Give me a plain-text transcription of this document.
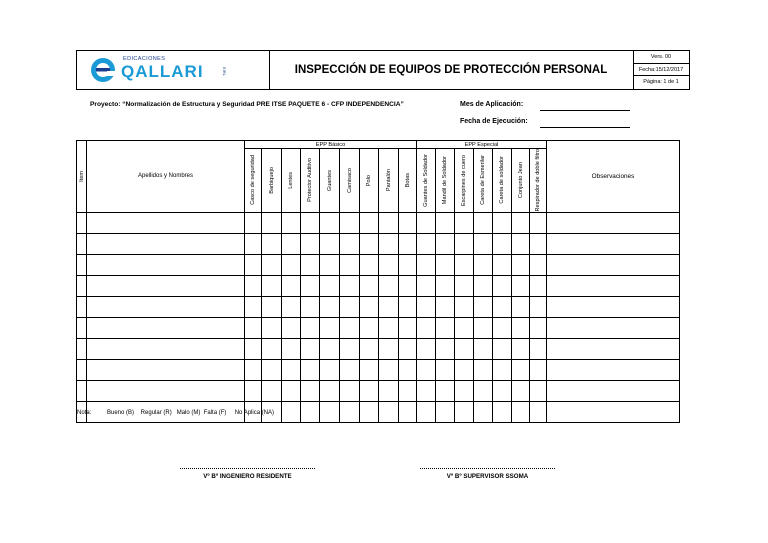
EDICACIONES
QALLARI	EIRL	INSPECCIÓN DE EQUIPOS DE PROTECCIÓN PERSONAL
Vers. 00
Fecha:15/12/2017
Página: 1 de 1
Proyecto: “Normalización de Estructura y Seguridad PRE ITSE PAQUETE 6 - CFP INDEPENDENCIA”	Mes de Aplicación:
Fecha de Ejecución:
Item	Apellidos y Nombres	EPP Básico									EPP Especial							Observaciones

		Casco de seguridad	Barbiquejo	Lentes	Protector Auditivo	Guantes	Camisaco	Polo	Pantalón	Botas	Guantes de Soldador	Mandil de Soldador	Escarpines de cuero	Careta de Esmerilar	Careta de soldador	Conjunto Jean	Respirador de doble filtro	

Nota:	Bueno (B)    Regular (R)   Malo (M)  Falta (F)     No Aplica (NA)
Vº Bº INGENIERO RESIDENTE	Vº Bº SUPERVISOR SSOMA
